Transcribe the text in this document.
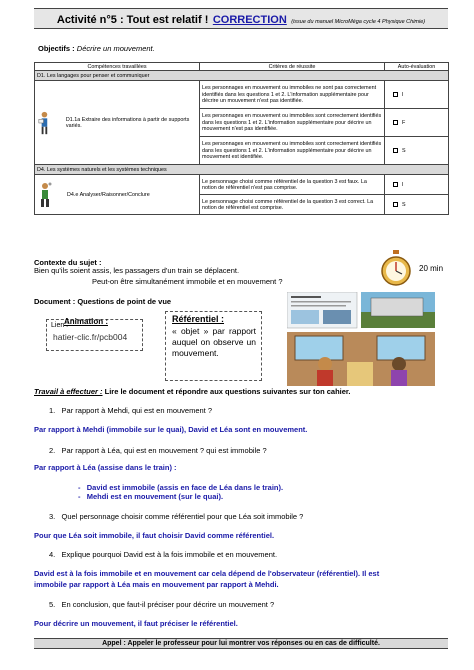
Activité n°5 : Tout est relatif ! CORRECTION (issue du manuel MicroMéga cycle 4 Physique Chimie)
Objectifs : Décrire un mouvement.
Compétences travaillées	Critères de réussite	Auto-évaluation
D1. Les langages pour penser et communiquer		

D1.1a Extraire des informations à partir de supports variés.	Les personnages en mouvement ou immobiles ne sont pas correctement identifiés dans les questions 1 et 2. L'information supplémentaire pour décrire un mouvement n'est pas identifiée.	I
	Les personnages en mouvement ou immobiles sont correctement identifiés dans les questions 1 et 2. L'information supplémentaire pour décrire un mouvement n'est pas identifiée.	F
	Les personnages en mouvement ou immobiles sont correctement identifiés dans les questions 1 et 2. L'information supplémentaire pour décrire un mouvement est identifiée.	S
D4. Les systèmes naturels et les systèmes techniques		

D4.e Analyser/Raisonner/Conclure	Le personnage choisi comme référentiel de la question 3 est faux. La notion de référentiel n'est pas comprise.	I
	Le personnage choisi comme référentiel de la question 3 est correct. La notion de référentiel est comprise.	S
Contexte du sujet :
Bien qu'ils soient assis, les passagers d'un train se déplacent.
Peut-on être simultanément immobile et en mouvement ?
20 min
Document : Questions de point de vue
Lien :
hatier-clic.fr/pcb004
Animation :	Référentiel :
« objet » par rapport auquel on observe un mouvement.
Travail à effectuer : Lire le document et répondre aux questions suivantes sur ton cahier.
1.   Par rapport à Mehdi, qui est en mouvement ?
Par rapport à Mehdi (immobile sur le quai), David et Léa sont en mouvement.
2.   Par rapport à Léa, qui est en mouvement ? qui est immobile ?
Par rapport à Léa (assise dans le train) :
-   David est immobile (assis en face de Léa dans le train).
-   Mehdi est en mouvement (sur le quai).
3.   Quel personnage choisir comme référentiel pour que Léa soit immobile ?
Pour que Léa soit immobile, il faut choisir David comme référentiel.
4.   Explique pourquoi David est à la fois immobile et en mouvement.
David est à la fois immobile et en mouvement car cela dépend de l'observateur (référentiel). Il est
immobile par rapport à Léa mais en mouvement par rapport à Mehdi.
5.   En conclusion, que faut-il préciser pour décrire un mouvement ?
Pour décrire un mouvement, il faut préciser le référentiel.
Appel : Appeler le professeur pour lui montrer vos réponses ou en cas de difficulté.
